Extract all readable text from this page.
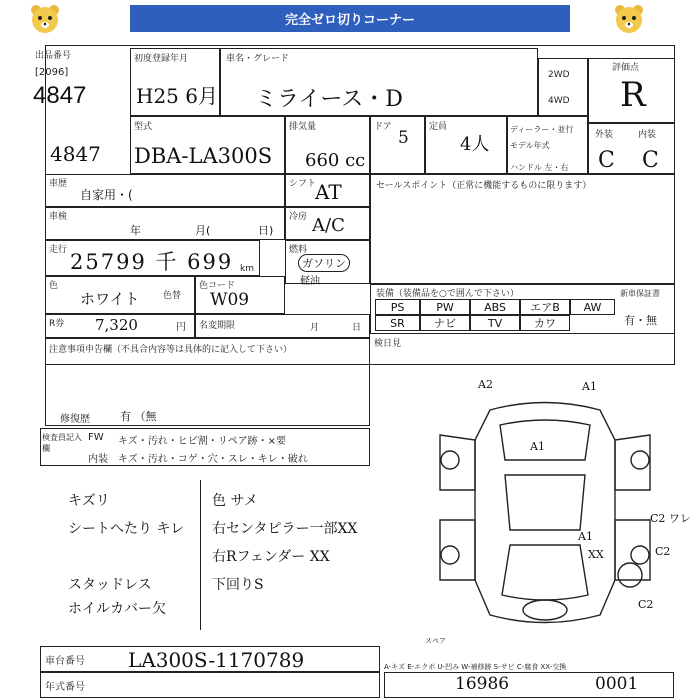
完全ゼロ切りコーナー
出品番号
[2096]
4847
初度登録年月
H25 6月
車名・グレード
ミライース・D
2WD
4WD
評価点
R
4847
型式
DBA-LA300S
排気量
660 cc
ドア
5
定員
4人
ディーラー・並行
モデル年式
ハンドル 左・右
外装	内装
C C
車歴
自家用・(
シフト
AT	セールスポイント（正常に機能するものに限ります）
車検
年	月(	日)
冷房 A/C
走行 25799 千 699 km
燃料
ガソリン
軽油
色
ホワイト	色替
色コード
W09	装備（装備品を○で囲んで下さい）	新車保証書
PS	PW	ABS	エアB	AW
SR	ナビ	TV	カワ	有・無
R券 7,320	円 名変期限	月	日
検日見
注意事項申告欄（不具合内容等は具体的に記入して下さい）
修復歴	有 （無
検査員記入欄
FW キズ・汚れ・ヒビ割・リペア跡・×要
内装 キズ・汚れ・コゲ・穴・スレ・キレ・破れ
キズリ
シートへたり キレ
スタッドレス
ホイルカバー欠
色 サメ
右センタピラー一部XX
右Rフェンダー XX
下回りS
A2	A1
A1
C2 ワレ
A1
XX	C2
C2
スペア
A-キズ E-エクボ U-凹み W-補修跡 S-サビ C-腐食 XX-交換
車台番号 LA300S-1170789
年式番号	16986	0001
